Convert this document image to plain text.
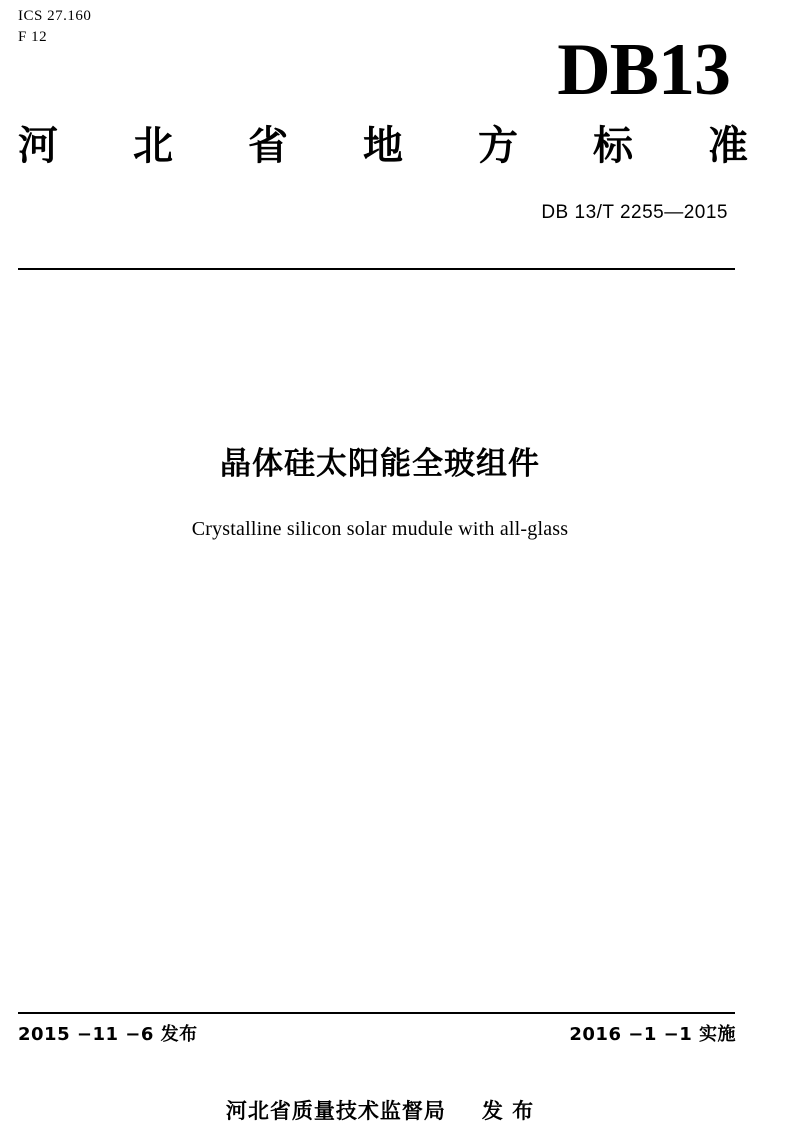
ICS 27.160
F 12	DB13
河 北 省 地 方 标 准
DB 13/T 2255—2015
晶体硅太阳能全玻组件
Crystalline silicon solar mudule with all-glass
2015 −11 −6 发布	2016 −1 −1 实施
河北省质量技术监督局 发 布
